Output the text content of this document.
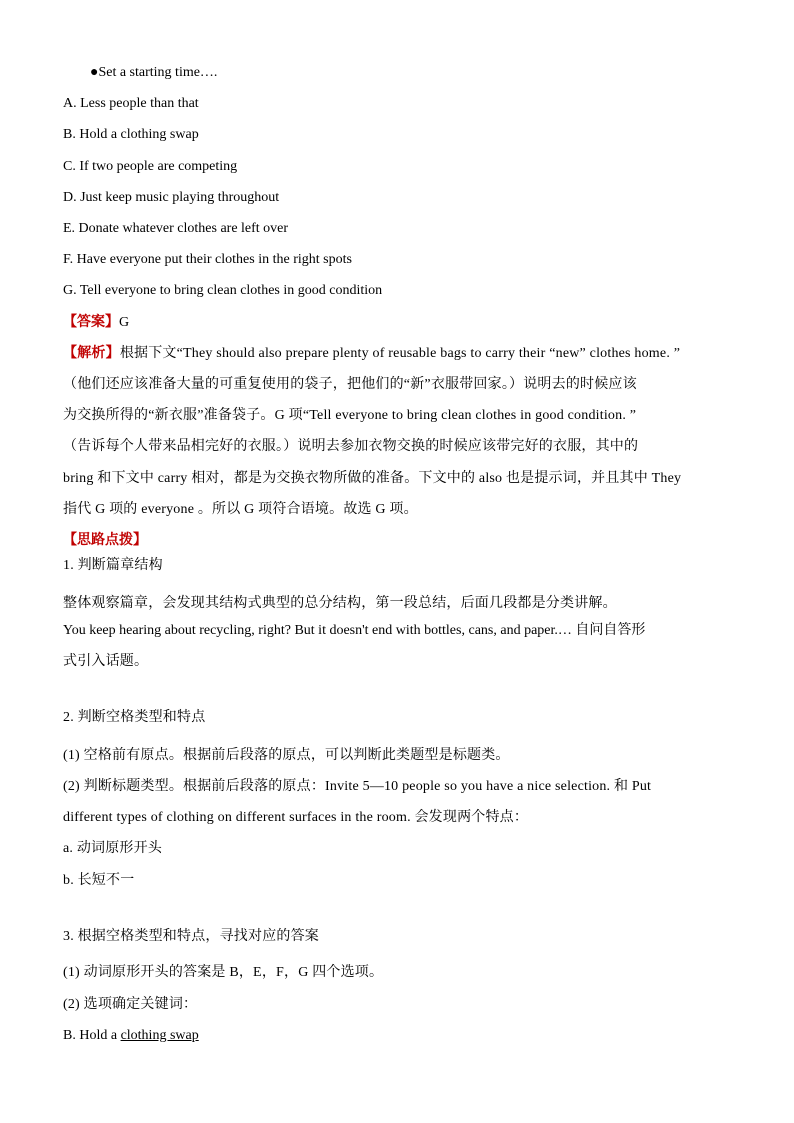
●Set a starting time….
A. Less people than that
B. Hold a clothing swap
C. If two people are competing
D. Just keep music playing throughout
E. Donate whatever clothes are left over
F. Have everyone put their clothes in the right spots
G. Tell everyone to bring clean clothes in good condition
【答案】G
【解析】根据下文“They should also prepare plenty of reusable bags to carry their “new” clothes home. ”
（他们还应该准备大量的可重复使用的袋子，把他们的“新”衣服带回家。）说明去的时候应该
为交换所得的“新衣服”准备袋子。G 项“Tell everyone to bring clean clothes in good condition. ”
（告诉每个人带来品相完好的衣服。）说明去参加衣物交换的时候应该带完好的衣服，其中的
bring 和下文中 carry 相对，都是为交换衣物所做的准备。下文中的 also 也是提示词，并且其中 They
指代 G 项的 everyone 。所以 G 项符合语境。故选 G 项。
【思路点拨】
1. 判断篇章结构
整体观察篇章，会发现其结构式典型的总分结构，第一段总结，后面几段都是分类讲解。
You keep hearing about recycling, right? But it doesn't end with bottles, cans, and paper.… 自问自答形
式引入话题。
2. 判断空格类型和特点
(1) 空格前有原点。根据前后段落的原点，可以判断此类题型是标题类。
(2) 判断标题类型。根据前后段落的原点：Invite 5—10 people so you have a nice selection. 和 Put
different types of clothing on different surfaces in the room. 会发现两个特点：
a. 动词原形开头
b. 长短不一
3. 根据空格类型和特点，寻找对应的答案
(1) 动词原形开头的答案是 B，E，F，G 四个选项。
(2) 选项确定关键词：
B. Hold a clothing swap
